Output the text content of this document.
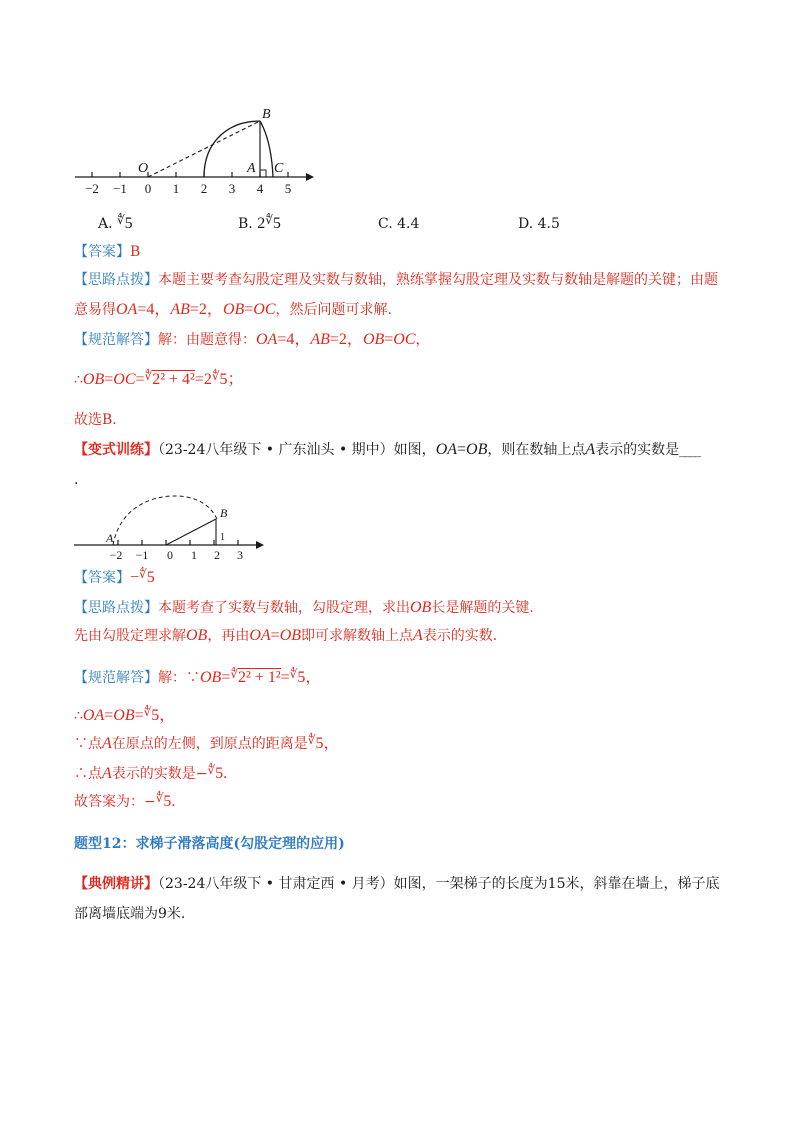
−2 −1 0 1 2 3 4 5
O
B
A C
A. ∜5	B. 2∜5	C. 4.4	D. 4.5
【答案】B
【思路点拨】本题主要考查勾股定理及实数与数轴，熟练掌握勾股定理及实数与数轴是解题的关键；由题
意易得OA=4，AB=2，OB=OC，然后问题可求解.
【规范解答】解：由题意得：OA=4，AB=2，OB=OC，
∴OB=OC=∜2² + 4²=2∜5；
故选B.
【变式训练】（23-24八年级下 • 广东汕头 • 期中）如图，OA=OB，则在数轴上点A表示的实数是____
.
−2 −1 0 1 2 3
A
B
1
【答案】−∜5
【思路点拨】本题考查了实数与数轴，勾股定理，求出OB长是解题的关键.
先由勾股定理求解OB，再由OA=OB即可求解数轴上点A表示的实数.
【规范解答】解：∵OB=∜2² + 1²=∜5，
∴OA=OB=∜5，
∵点A在原点的左侧，到原点的距离是∜5，
∴点A表示的实数是−∜5.
故答案为：−∜5.
题型12：求梯子滑落高度(勾股定理的应用)
【典例精讲】（23-24八年级下 • 甘肃定西 • 月考）如图，一架梯子的长度为15米，斜靠在墙上，梯子底
部离墙底端为9米.
